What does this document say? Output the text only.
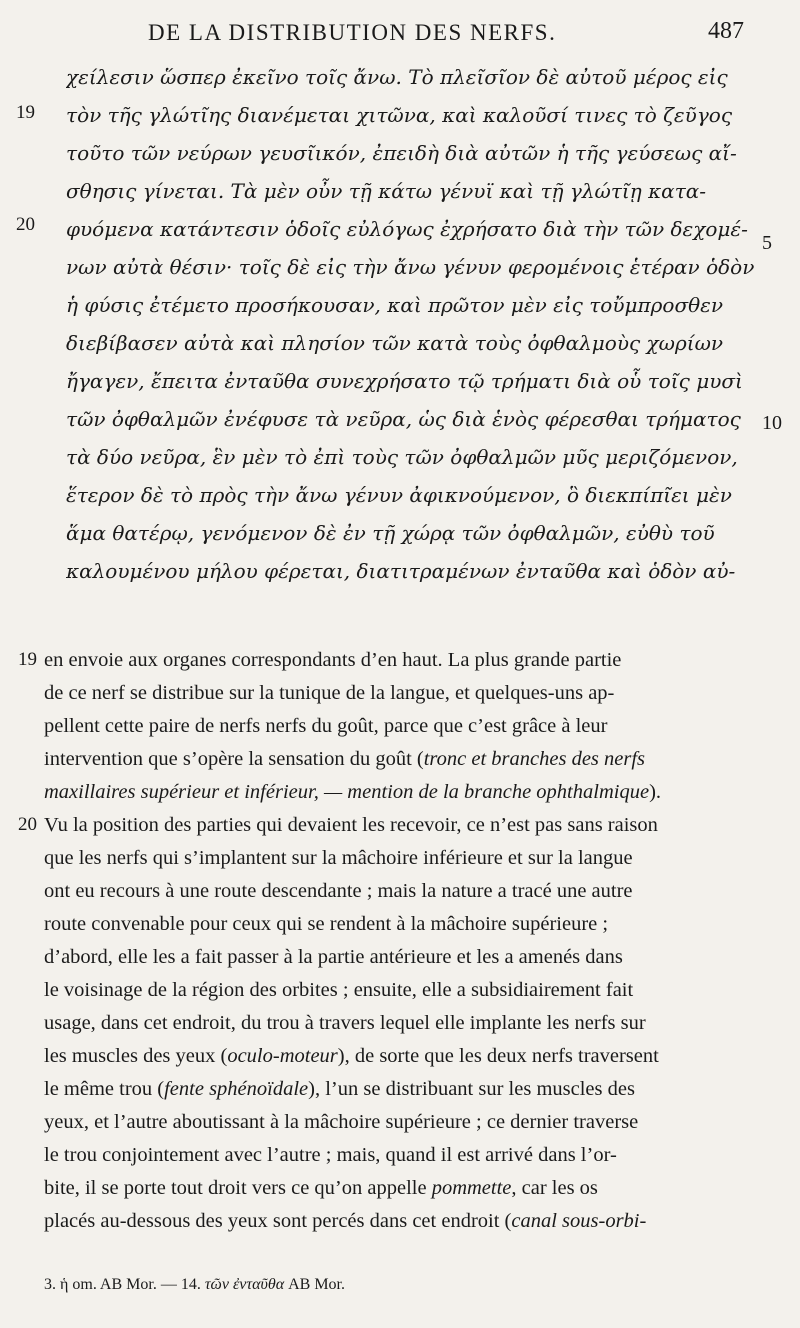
DE LA DISTRIBUTION DES NERFS.	487
19
20
5
10
χείλεσιν ὥσπερ ἐκεῖνο τοῖς ἄνω. Τὸ πλεῖσῖον δὲ αὐτοῦ μέρος εἰς
τὸν τῆς γλώτῖης διανέμεται χιτῶνα, καὶ καλοῦσί τινες τὸ ζεῦγος
τοῦτο τῶν νεύρων γευσῖικόν, ἐπειδὴ διὰ αὐτῶν ἡ τῆς γεύσεως αἴ-
σθησις γίνεται. Τὰ μὲν οὖν τῇ κάτω γένυϊ καὶ τῇ γλώτῖῃ κατα-
φυόμενα κατάντεσιν ὁδοῖς εὐλόγως ἐχρήσατο διὰ τὴν τῶν δεχομέ-
νων αὐτὰ θέσιν· τοῖς δὲ εἰς τὴν ἄνω γένυν φερομένοις ἑτέραν ὁδὸν
ἡ φύσις ἐτέμετο προσήκουσαν, καὶ πρῶτον μὲν εἰς τοὔμπροσθεν
διεβίβασεν αὐτὰ καὶ πλησίον τῶν κατὰ τοὺς ὀφθαλμοὺς χωρίων
ἤγαγεν, ἔπειτα ἐνταῦθα συνεχρήσατο τῷ τρήματι διὰ οὗ τοῖς μυσὶ
τῶν ὀφθαλμῶν ἐνέφυσε τὰ νεῦρα, ὡς διὰ ἑνὸς φέρεσθαι τρήματος
τὰ δύο νεῦρα, ἓν μὲν τὸ ἐπὶ τοὺς τῶν ὀφθαλμῶν μῦς μεριζόμενον,
ἕτερον δὲ τὸ πρὸς τὴν ἄνω γένυν ἀφικνούμενον, ὃ διεκπίπῖει μὲν
ἅμα θατέρῳ, γενόμενον δὲ ἐν τῇ χώρᾳ τῶν ὀφθαλμῶν, εὐθὺ τοῦ
καλουμένου μήλου φέρεται, διατιτραμένων ἐνταῦθα καὶ ὁδὸν αὐ-
19
20
en envoie aux organes correspondants d’en haut. La plus grande partie
de ce nerf se distribue sur la tunique de la langue, et quelques-uns ap-
pellent cette paire de nerfs nerfs du goût, parce que c’est grâce à leur
intervention que s’opère la sensation du goût (tronc et branches des nerfs
maxillaires supérieur et inférieur, — mention de la branche ophthalmique).
Vu la position des parties qui devaient les recevoir, ce n’est pas sans raison
que les nerfs qui s’implantent sur la mâchoire inférieure et sur la langue
ont eu recours à une route descendante ; mais la nature a tracé une autre
route convenable pour ceux qui se rendent à la mâchoire supérieure ;
d’abord, elle les a fait passer à la partie antérieure et les a amenés dans
le voisinage de la région des orbites ; ensuite, elle a subsidiairement fait
usage, dans cet endroit, du trou à travers lequel elle implante les nerfs sur
les muscles des yeux (oculo-moteur), de sorte que les deux nerfs traversent
le même trou (fente sphénoïdale), l’un se distribuant sur les muscles des
yeux, et l’autre aboutissant à la mâchoire supérieure ; ce dernier traverse
le trou conjointement avec l’autre ; mais, quand il est arrivé dans l’or-
bite, il se porte tout droit vers ce qu’on appelle pommette, car les os
placés au-dessous des yeux sont percés dans cet endroit (canal sous-orbi-
3. ἡ om. AB Mor. — 14. τῶν ἐνταῦθα AB Mor.
